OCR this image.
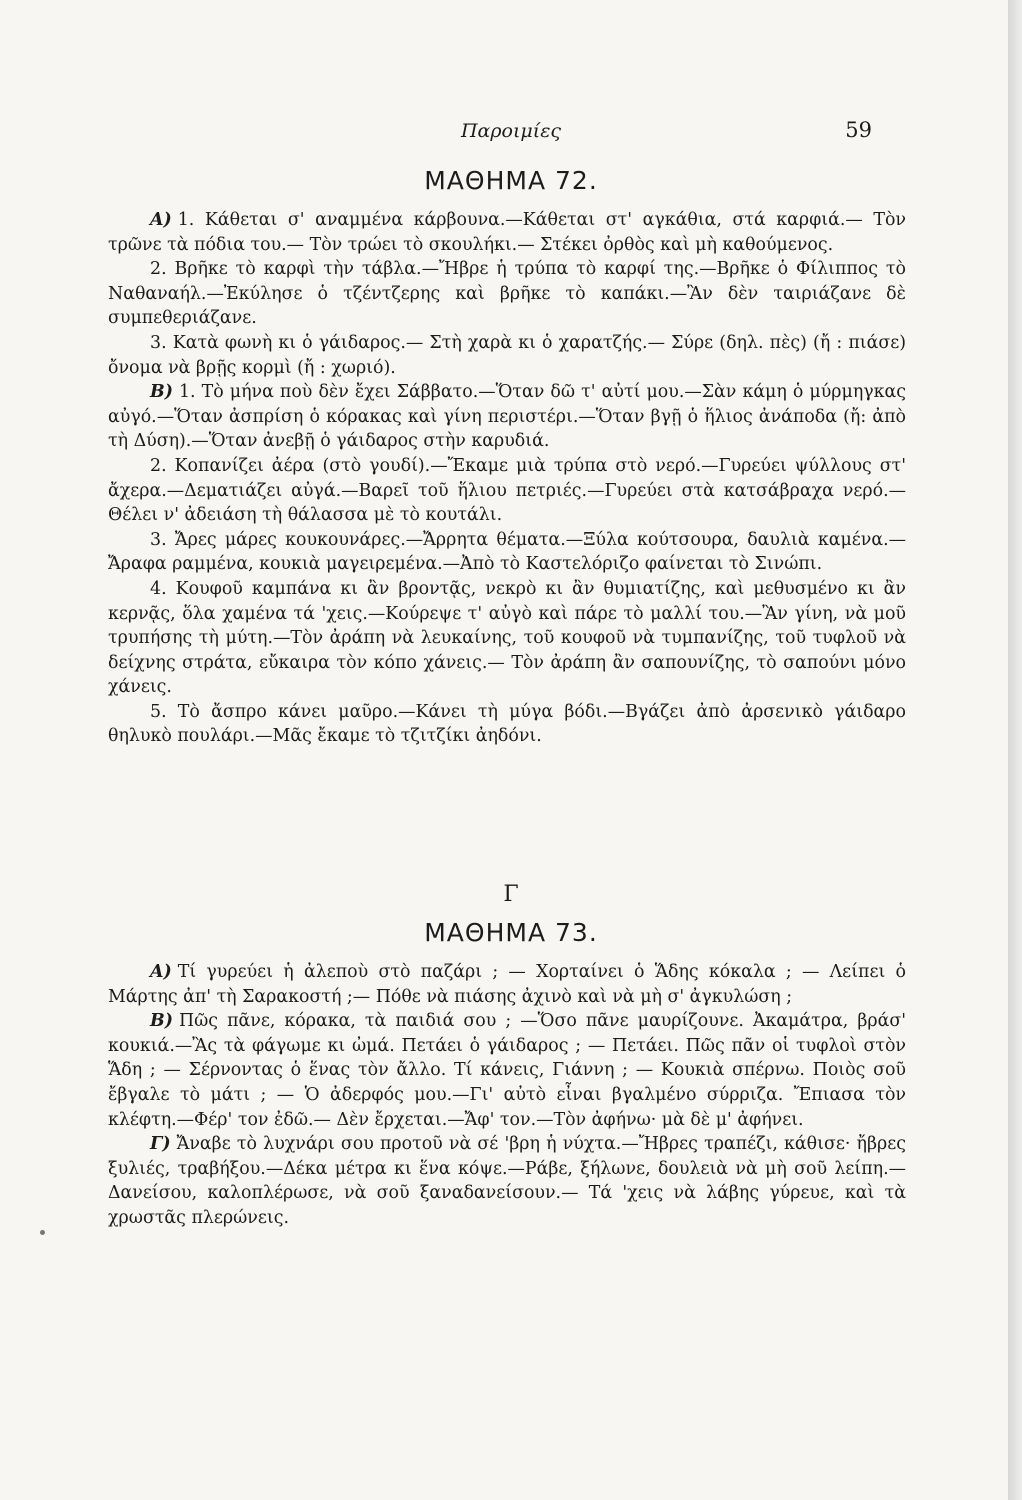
Παροιμίες	59
ΜΑΘΗΜΑ 72.

Α) 1. Κάθεται σ' αναμμένα κάρβουνα.—Κάθεται στ' αγκάθια, στά καρφιά.— Τὸν τρῶνε τὰ πόδια του.— Τὸν τρώει τὸ σκουλήκι.— Στέκει ὀρθὸς καὶ μὴ καθούμενος.

2. Βρῆκε τὸ καρφὶ τὴν τάβλα.—Ἤβρε ἡ τρύπα τὸ καρφί της.—Βρῆκε ὁ Φίλιππος τὸ Ναθαναήλ.—Ἐκύλησε ὁ τζέντζερης καὶ βρῆκε τὸ καπάκι.—Ἂν δὲν ταιριάζανε δὲ συμπεθεριάζανε.

3. Κατὰ φωνὴ κι ὁ γάιδαρος.— Στὴ χαρὰ κι ὁ χαρατζής.— Σύρε (δηλ. πὲς) (ἤ : πιάσε) ὄνομα νὰ βρῇς κορμὶ (ἤ : χωριό).

Β) 1. Τὸ μήνα ποὺ δὲν ἔχει Σάββατο.—Ὅταν δῶ τ' αὐτί μου.—Σὰν κάμη ὁ μύρμηγκας αὐγό.—Ὅταν ἀσπρίση ὁ κόρακας καὶ γίνη περιστέρι.—Ὅταν βγῇ ὁ ἥλιος ἀνάποδα (ἤ: ἀπὸ τὴ Δύση).—Ὅταν ἀνεβῇ ὁ γάιδαρος στὴν καρυδιά.

2. Κοπανίζει ἀέρα (στὸ γουδί).—Ἔκαμε μιὰ τρύπα στὸ νερό.—Γυρεύει ψύλλους στ' ἄχερα.—Δεματιάζει αὐγά.—Βαρεῖ τοῦ ἥλιου πετριές.—Γυρεύει στὰ κατσάβραχα νερό.—Θέλει ν' ἀδειάση τὴ θάλασσα μὲ τὸ κουτάλι.

3. Ἄρες μάρες κουκουνάρες.—Ἄρρητα θέματα.—Ξύλα κούτσουρα, δαυλιὰ καμένα.—Ἄραφα ραμμένα, κουκιὰ μαγειρεμένα.—Ἀπὸ τὸ Καστελόριζο φαίνεται τὸ Σινώπι.

4. Κουφοῦ καμπάνα κι ἂν βροντᾷς, νεκρὸ κι ἂν θυμιατίζης, καὶ μεθυσμένο κι ἂν κερνᾷς, ὅλα χαμένα τά 'χεις.—Κούρεψε τ' αὐγὸ καὶ πάρε τὸ μαλλί του.—Ἂν γίνη, νὰ μοῦ τρυπήσης τὴ μύτη.—Τὸν ἀράπη νὰ λευκαίνης, τοῦ κουφοῦ νὰ τυμπανίζης, τοῦ τυφλοῦ νὰ δείχνης στράτα, εὔκαιρα τὸν κόπο χάνεις.— Τὸν ἀράπη ἂν σαπουνίζης, τὸ σαπούνι μόνο χάνεις.

5. Τὸ ἄσπρο κάνει μαῦρο.—Κάνει τὴ μύγα βόδι.—Βγάζει ἀπὸ ἀρσενικὸ γάιδαρο θηλυκὸ πουλάρι.—Μᾶς ἔκαμε τὸ τζιτζίκι ἀηδόνι.

Γ
ΜΑΘΗΜΑ 73.

Α) Τί γυρεύει ἡ ἀλεποὺ στὸ παζάρι ; — Χορταίνει ὁ Ἅδης κόκαλα ; — Λείπει ὁ Μάρτης ἀπ' τὴ Σαρακοστή ;— Πόθε νὰ πιάσης ἀχινὸ καὶ νὰ μὴ σ' ἀγκυλώση ;

Β) Πῶς πᾶνε, κόρακα, τὰ παιδιά σου ; —Ὅσο πᾶνε μαυρίζουνε. Ἀκαμάτρα, βράσ' κουκιά.—Ἂς τὰ φάγωμε κι ὠμά. Πετάει ὁ γάιδαρος ; — Πετάει. Πῶς πᾶν οἱ τυφλοὶ στὸν Ἅδη ; — Σέρνοντας ὁ ἕνας τὸν ἄλλο. Τί κάνεις, Γιάννη ; — Κουκιὰ σπέρνω. Ποιὸς σοῦ ἔβγαλε τὸ μάτι ; — Ὁ ἀδερφός μου.—Γι' αὐτὸ εἶναι βγαλμένο σύρριζα. Ἔπιασα τὸν κλέφτη.—Φέρ' τον ἐδῶ.— Δὲν ἔρχεται.—Ἄφ' τον.—Τὸν ἀφήνω· μὰ δὲ μ' ἀφήνει.

Γ) Ἄναβε τὸ λυχνάρι σου προτοῦ νὰ σέ 'βρη ἡ νύχτα.—Ἤβρες τραπέζι, κάθισε· ἤβρες ξυλιές, τραβήξου.—Δέκα μέτρα κι ἕνα κόψε.—Ράβε, ξήλωνε, δουλειὰ νὰ μὴ σοῦ λείπη.—Δανείσου, καλοπλέρωσε, νὰ σοῦ ξαναδανείσουν.— Τά 'χεις νὰ λάβης γύρευε, καὶ τὰ χρωστᾶς πλερώνεις.
